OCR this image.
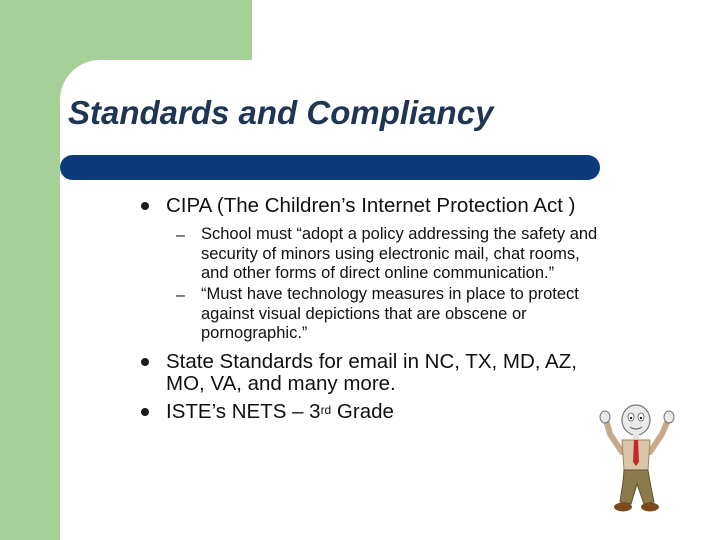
Standards and Compliancy
CIPA (The Children’s Internet Protection Act )
– School must “adopt a policy addressing the safety and
security of minors using electronic mail, chat rooms,
and other forms of direct online communication.”
– “Must have technology measures in place to protect
against visual depictions that are obscene or
pornographic.”
State Standards for email in NC, TX, MD, AZ,
MO, VA, and many more.
ISTE’s NETS – 3rd Grade
